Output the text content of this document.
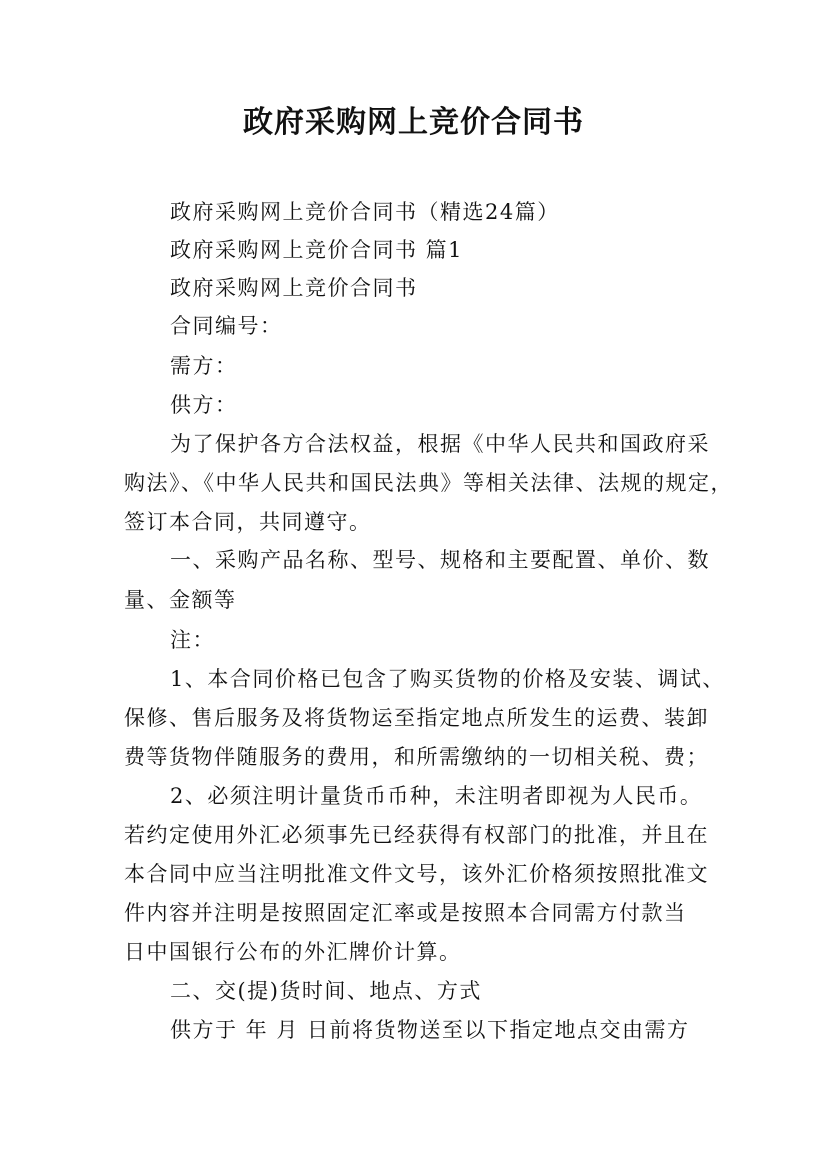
政府采购网上竞价合同书
政府采购网上竞价合同书（精选24篇）
政府采购网上竞价合同书 篇1
政府采购网上竞价合同书
合同编号：
需方：
供方：
为了保护各方合法权益，根据《中华人民共和国政府采
购法》、《中华人民共和国民法典》等相关法律、法规的规定，
签订本合同，共同遵守。
一、采购产品名称、型号、规格和主要配置、单价、数
量、金额等
注：
1、本合同价格已包含了购买货物的价格及安装、调试、
保修、售后服务及将货物运至指定地点所发生的运费、装卸
费等货物伴随服务的费用，和所需缴纳的一切相关税、费；
2、必须注明计量货币币种，未注明者即视为人民币。
若约定使用外汇必须事先已经获得有权部门的批准，并且在
本合同中应当注明批准文件文号，该外汇价格须按照批准文
件内容并注明是按照固定汇率或是按照本合同需方付款当
日中国银行公布的外汇牌价计算。
二、交(提)货时间、地点、方式
供方于 年 月 日前将货物送至以下指定地点交由需方
